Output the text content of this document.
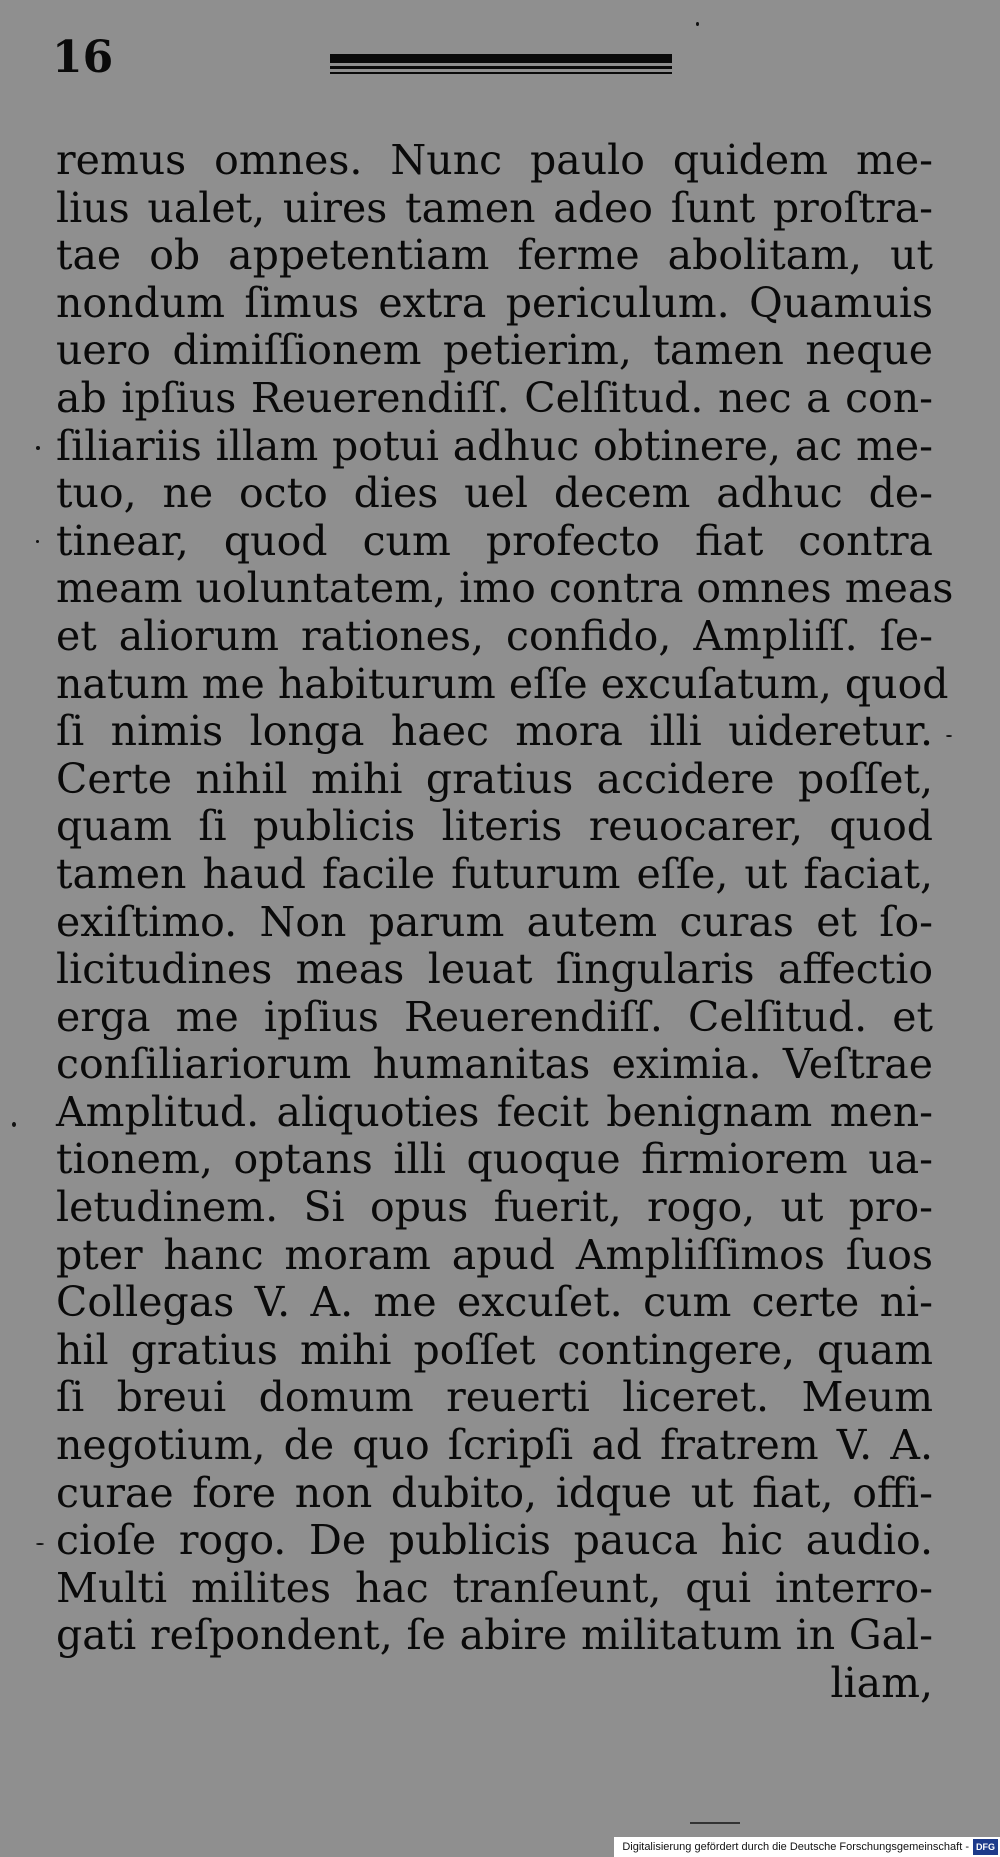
16
remus omnes. Nunc paulo quidem me-
lius ualet, uires tamen adeo ſunt proſtra-
tae ob appetentiam ferme abolitam, ut
nondum ſimus extra periculum. Quamuis
uero dimiſſionem petierim, tamen neque
ab ipſius Reuerendiſſ. Celſitud. nec a con-
ſiliariis illam potui adhuc obtinere, ac me-
tuo, ne octo dies uel decem adhuc de-
tinear, quod cum profecto fiat contra
meam uoluntatem, imo contra omnes meas
et aliorum rationes, confido, Ampliſſ. ſe-
natum me habiturum eſſe excuſatum, quod
ſi nimis longa haec mora illi uideretur.
Certe nihil mihi gratius accidere poſſet,
quam ſi publicis literis reuocarer, quod
tamen haud facile futurum eſſe, ut faciat,
exiſtimo. Non parum autem curas et ſo-
licitudines meas leuat ſingularis affectio
erga me ipſius Reuerendiſſ. Celſitud. et
conſiliariorum humanitas eximia. Veſtrae
Amplitud. aliquoties fecit benignam men-
tionem, optans illi quoque firmiorem ua-
letudinem. Si opus fuerit, rogo, ut pro-
pter hanc moram apud Ampliſſimos ſuos
Collegas V. A. me excuſet. cum certe ni-
hil gratius mihi poſſet contingere, quam
ſi breui domum reuerti liceret. Meum
negotium, de quo ſcripſi ad fratrem V. A.
curae fore non dubito, idque ut fiat, offi-
cioſe rogo. De publicis pauca hic audio.
Multi milites hac tranſeunt, qui interro-
gati reſpondent, ſe abire militatum in Gal-
liam,
Digitalisierung gefördert durch die Deutsche Forschungsgemeinschaft - DFG
